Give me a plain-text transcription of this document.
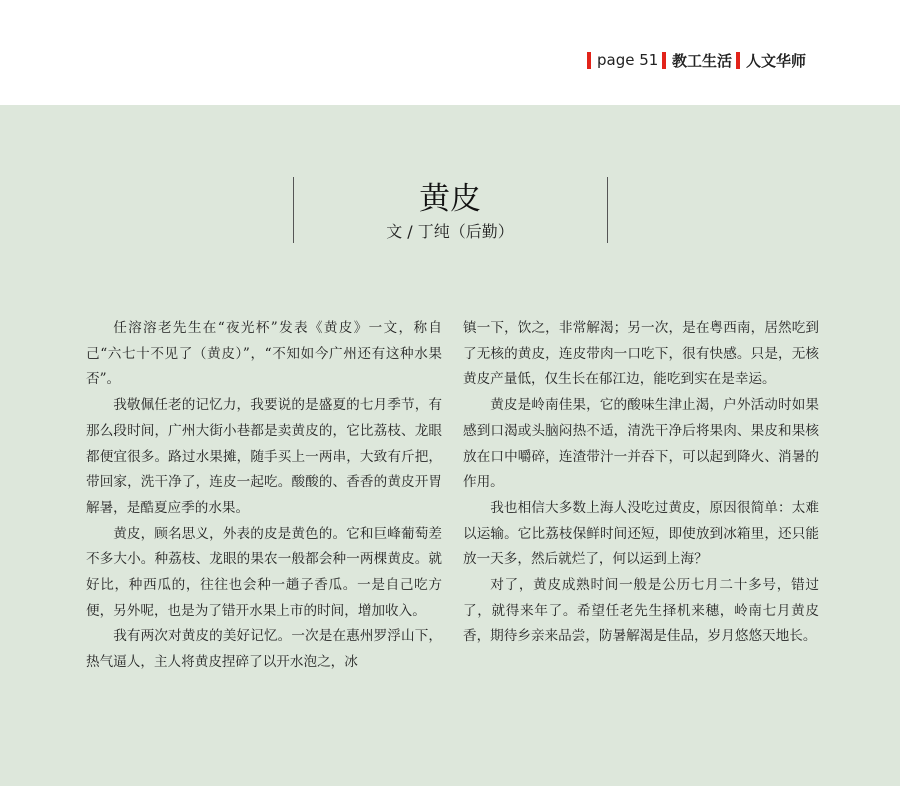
page 51 教工生活 人文华师
黄皮
文 / 丁纯（后勤）

任溶溶老先生在“夜光杯”发表《黄皮》一文，称自己“六七十不见了（黄皮）”，“不知如今广州还有这种水果否”。

我敬佩任老的记忆力，我要说的是盛夏的七月季节，有那么段时间，广州大街小巷都是卖黄皮的，它比荔枝、龙眼都便宜很多。路过水果摊，随手买上一两串，大致有斤把，带回家，洗干净了，连皮一起吃。酸酸的、香香的黄皮开胃解暑，是酷夏应季的水果。

黄皮，顾名思义，外表的皮是黄色的。它和巨峰葡萄差不多大小。种荔枝、龙眼的果农一般都会种一两棵黄皮。就好比，种西瓜的，往往也会种一趟子香瓜。一是自己吃方便，另外呢，也是为了错开水果上市的时间，增加收入。

我有两次对黄皮的美好记忆。一次是在惠州罗浮山下，热气逼人，主人将黄皮捏碎了以开水泡之，冰

镇一下，饮之，非常解渴；另一次，是在粤西南，居然吃到了无核的黄皮，连皮带肉一口吃下，很有快感。只是，无核黄皮产量低，仅生长在郁江边，能吃到实在是幸运。

黄皮是岭南佳果，它的酸味生津止渴，户外活动时如果感到口渴或头脑闷热不适，清洗干净后将果肉、果皮和果核放在口中嚼碎，连渣带汁一并吞下，可以起到降火、消暑的作用。

我也相信大多数上海人没吃过黄皮，原因很简单：太难以运输。它比荔枝保鲜时间还短，即使放到冰箱里，还只能放一天多，然后就烂了，何以运到上海？

对了，黄皮成熟时间一般是公历七月二十多号，错过了，就得来年了。希望任老先生择机来穗，岭南七月黄皮香，期待乡亲来品尝，防暑解渴是佳品，岁月悠悠天地长。
